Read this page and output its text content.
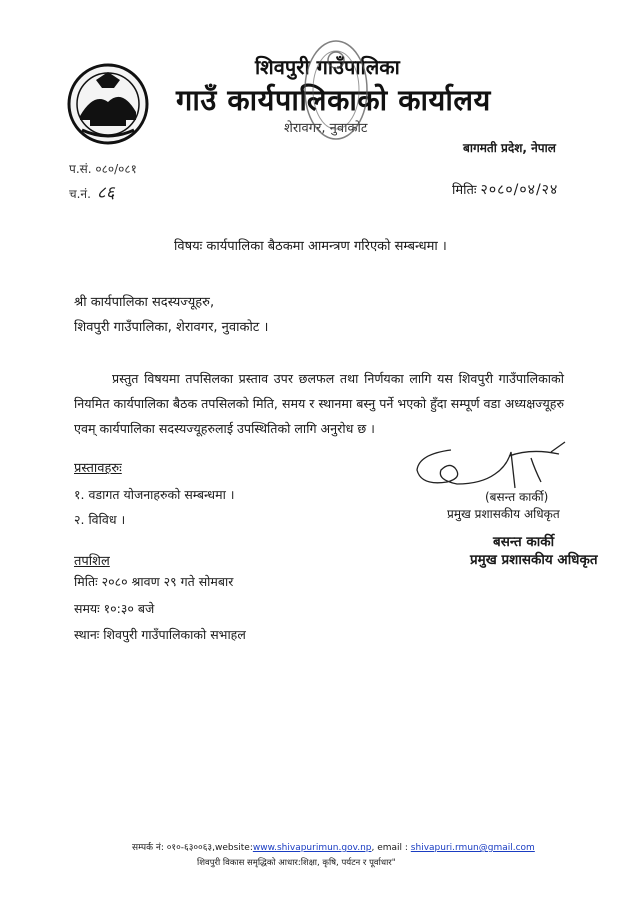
शिवपुरी गाउँपालिका
गाउँ कार्यपालिकाको कार्यालय
शेरावगर, नुवाकोट
बागमती प्रदेश, नेपाल
प.सं. ०८०/०८१
च.नं. ८६	मितिः २०८०/०४/२४
विषयः कार्यपालिका बैठकमा आमन्त्रण गरिएको सम्बन्धमा ।
श्री कार्यपालिका सदस्यज्यूहरु,
शिवपुरी गाउँपालिका, शेरावगर, नुवाकोट ।
प्रस्तुत विषयमा तपसिलका प्रस्ताव उपर छलफल तथा निर्णयका लागि यस शिवपुरी गाउँपालिकाको नियमित कार्यपालिका बैठक तपसिलको मिति, समय र स्थानमा बस्नु पर्ने भएको हुँदा सम्पूर्ण वडा अध्यक्षज्यूहरु एवम् कार्यपालिका सदस्यज्यूहरुलाई उपस्थितिको लागि अनुरोध छ ।
प्रस्तावहरुः
१. वडागत योजनाहरुको सम्बन्धमा ।
२. विविध ।
तपशिल
मितिः २०८० श्रावण २९ गते सोमबार
समयः १०:३० बजे
स्थानः शिवपुरी गाउँपालिकाको सभाहल
(बसन्त कार्की)
प्रमुख प्रशासकीय अधिकृत
बसन्त कार्की
प्रमुख प्रशासकीय अधिकृत
सम्पर्क नं: ०१०-६३००६३,website:www.shivapurimun.gov.np, email : shivapuri.rmun@gmail.com
शिवपुरी विकास समृद्धिको आधार:शिक्षा, कृषि, पर्यटन र पूर्वाधार"
